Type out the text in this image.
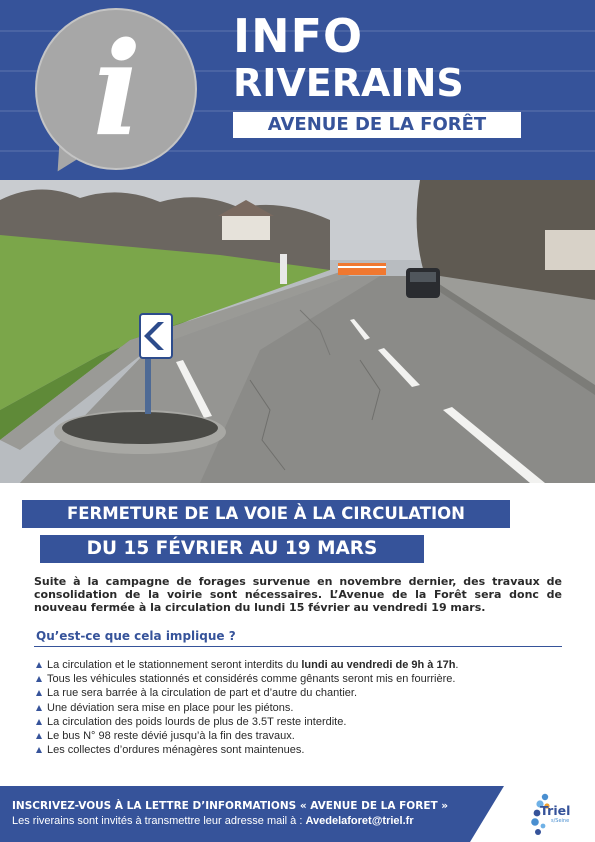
i	INFO
RIVERAINS
AVENUE DE LA FORÊT
FERMETURE DE LA VOIE À LA CIRCULATION
DU 15 FÉVRIER AU 19 MARS

Suite à la campagne de forages survenue en novembre dernier, des travaux de consolidation de la voirie sont nécessaires. L’Avenue de la Forêt sera donc de nouveau fermée à la circulation du lundi 15 février au vendredi 19 mars.

Qu’est-ce que cela implique ?
La circulation et le stationnement seront interdits du lundi au vendredi de 9h à 17h.
Tous les véhicules stationnés et considérés comme gênants seront mis en fourrière.
La rue sera barrée à la circulation de part et d’autre du chantier.
Une déviation sera mise en place pour les piétons.
La circulation des poids lourds de plus de 3.5T reste interdite.
Le bus N° 98 reste dévié jusqu’à la fin des travaux.
Les collectes d’ordures ménagères sont maintenues.
INSCRIVEZ-VOUS À LA LETTRE D’INFORMATIONS « AVENUE DE LA FORET »
Les riverains sont invités à transmettre leur adresse mail à : Avedelaforet@triel.fr
Triel
s/Seine
